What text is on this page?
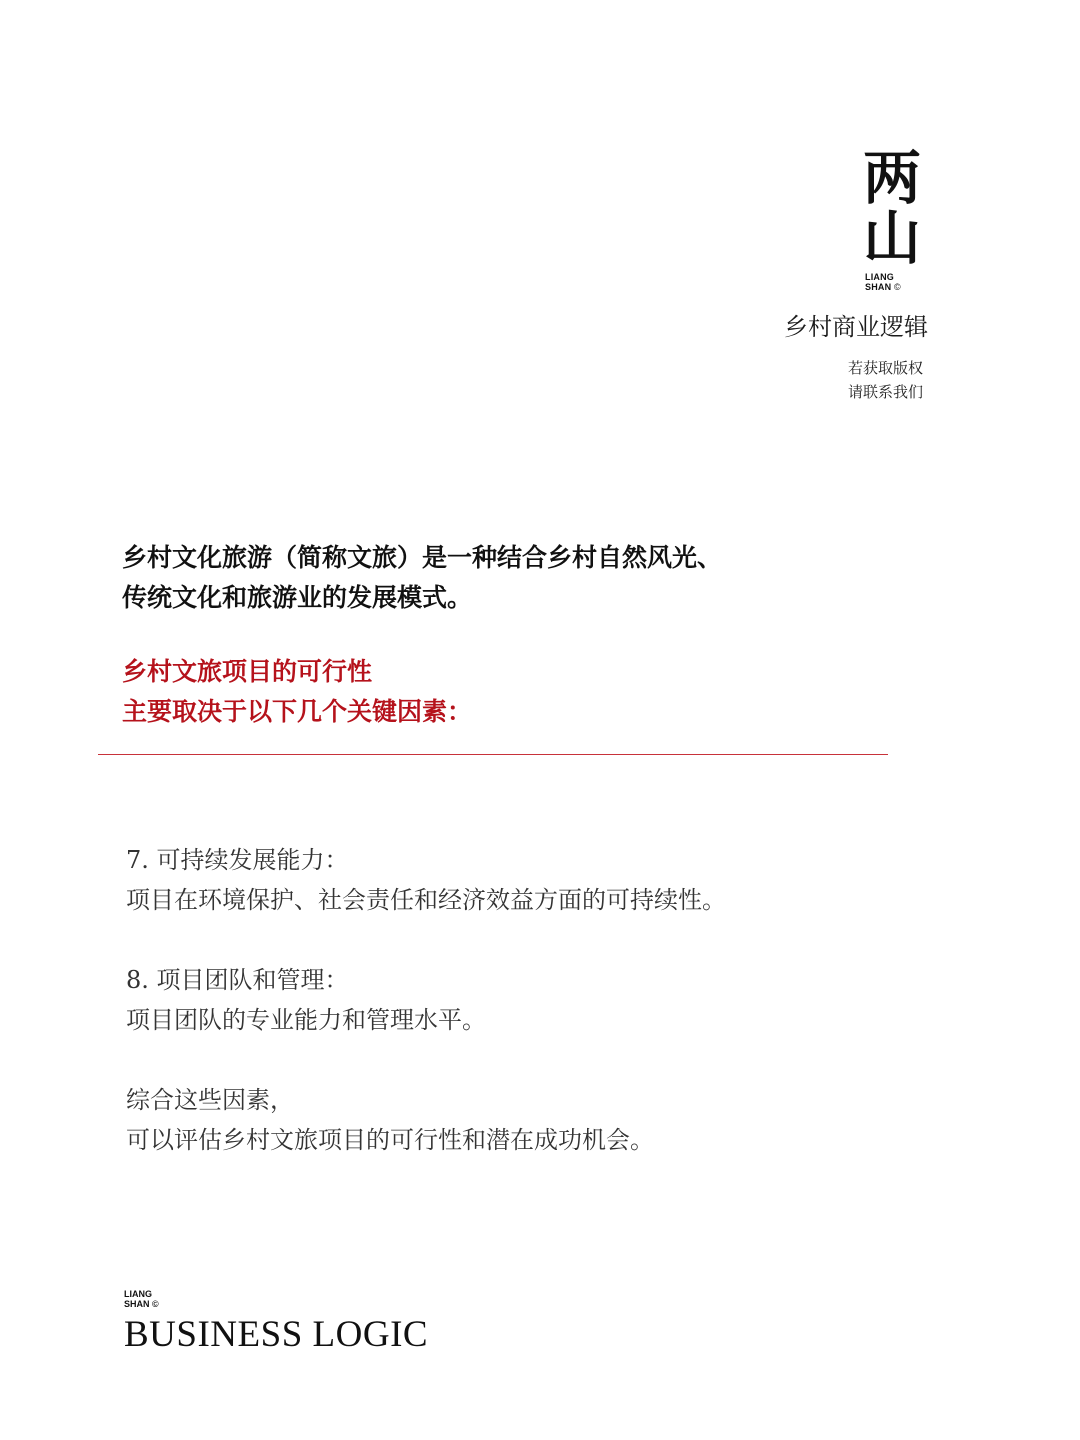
两
山
LIANG
SHAN ©
乡村商业逻辑
若获取版权
请联系我们

乡村文化旅游（简称文旅）是一种结合乡村自然风光、

传统文化和旅游业的发展模式。

乡村文旅项目的可行性

主要取决于以下几个关键因素：

7. 可持续发展能力：

项目在环境保护、社会责任和经济效益方面的可持续性。

8. 项目团队和管理：

项目团队的专业能力和管理水平。

综合这些因素，

可以评估乡村文旅项目的可行性和潜在成功机会。

LIANG
SHAN ©
BUSINESS LOGIC
